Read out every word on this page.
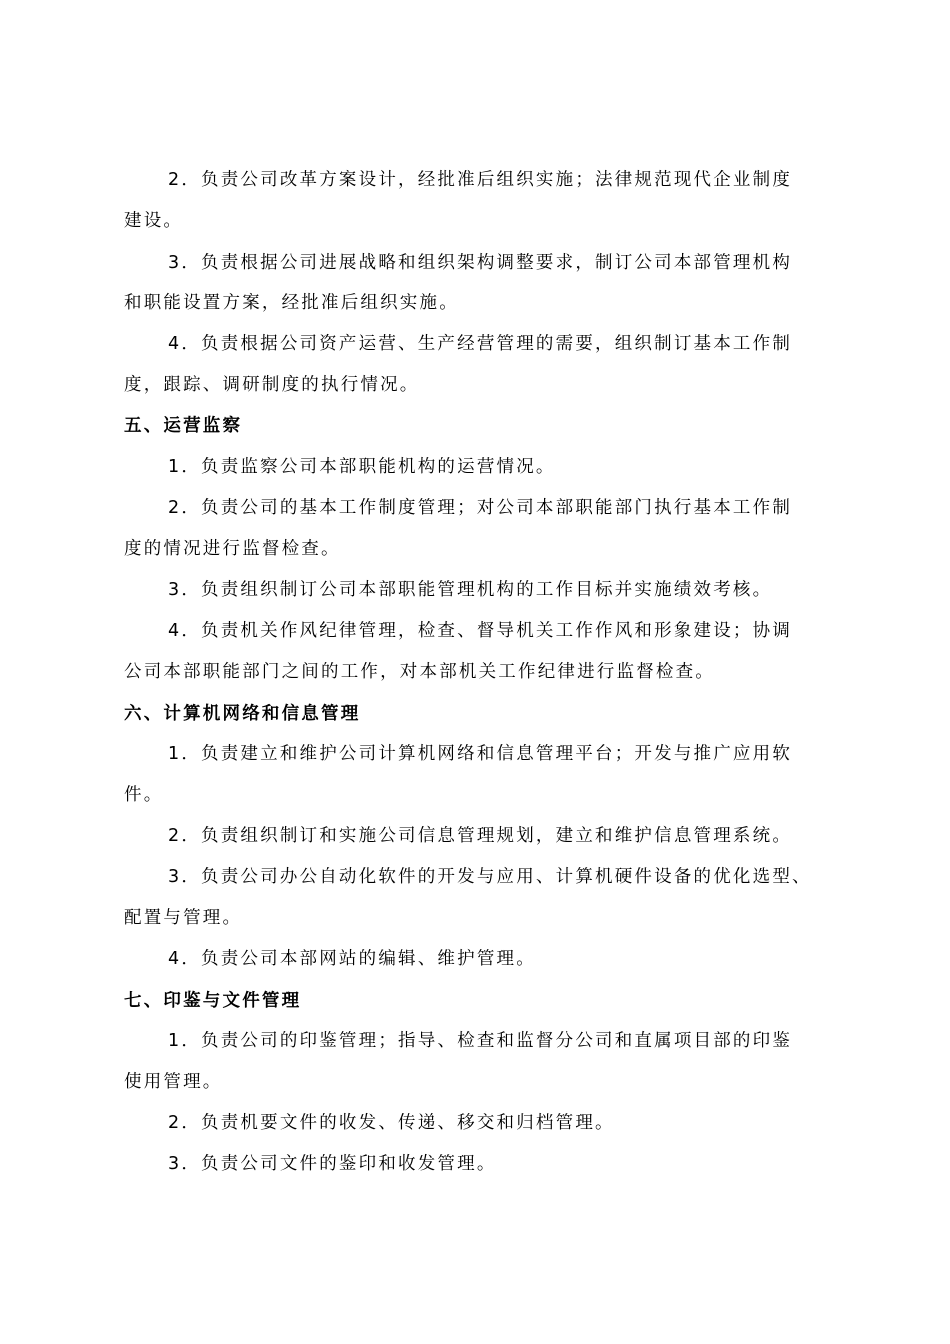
2．负责公司改革方案设计，经批准后组织实施；法律规范现代企业制度
建设。
3．负责根据公司进展战略和组织架构调整要求，制订公司本部管理机构
和职能设置方案，经批准后组织实施。
4．负责根据公司资产运营、生产经营管理的需要，组织制订基本工作制
度，跟踪、调研制度的执行情况。
五、运营监察
1．负责监察公司本部职能机构的运营情况。
2．负责公司的基本工作制度管理；对公司本部职能部门执行基本工作制
度的情况进行监督检查。
3．负责组织制订公司本部职能管理机构的工作目标并实施绩效考核。
4．负责机关作风纪律管理，检查、督导机关工作作风和形象建设；协调
公司本部职能部门之间的工作，对本部机关工作纪律进行监督检查。
六、计算机网络和信息管理
1．负责建立和维护公司计算机网络和信息管理平台；开发与推广应用软
件。
2．负责组织制订和实施公司信息管理规划，建立和维护信息管理系统。
3．负责公司办公自动化软件的开发与应用、计算机硬件设备的优化选型、
配置与管理。
4．负责公司本部网站的编辑、维护管理。
七、印鉴与文件管理
1．负责公司的印鉴管理；指导、检查和监督分公司和直属项目部的印鉴
使用管理。
2．负责机要文件的收发、传递、移交和归档管理。
3．负责公司文件的鉴印和收发管理。
